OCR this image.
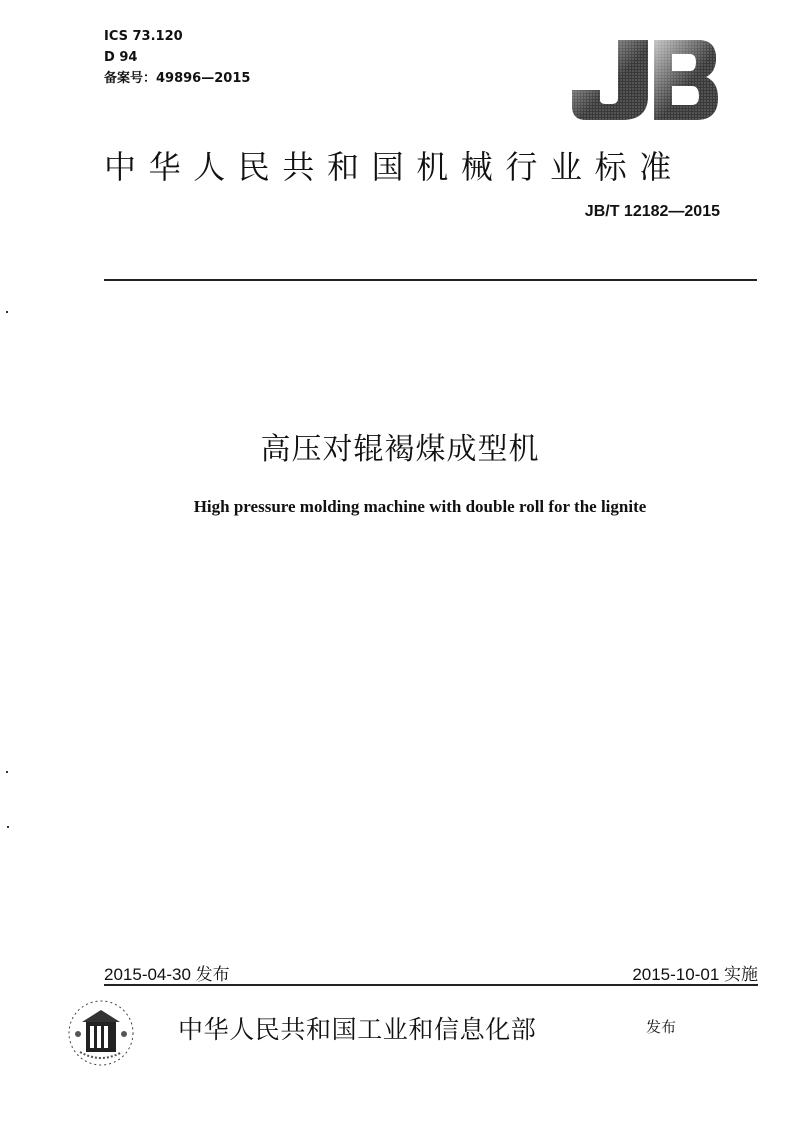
ICS 73.120
D 94
备案号：49896—2015
中华人民共和国机械行业标准
JB/T 12182—2015
高压对辊褐煤成型机
High pressure molding machine with double roll for the lignite
2015-04-30 发布	2015-10-01 实施
中华人民共和国工业和信息化部	发布
